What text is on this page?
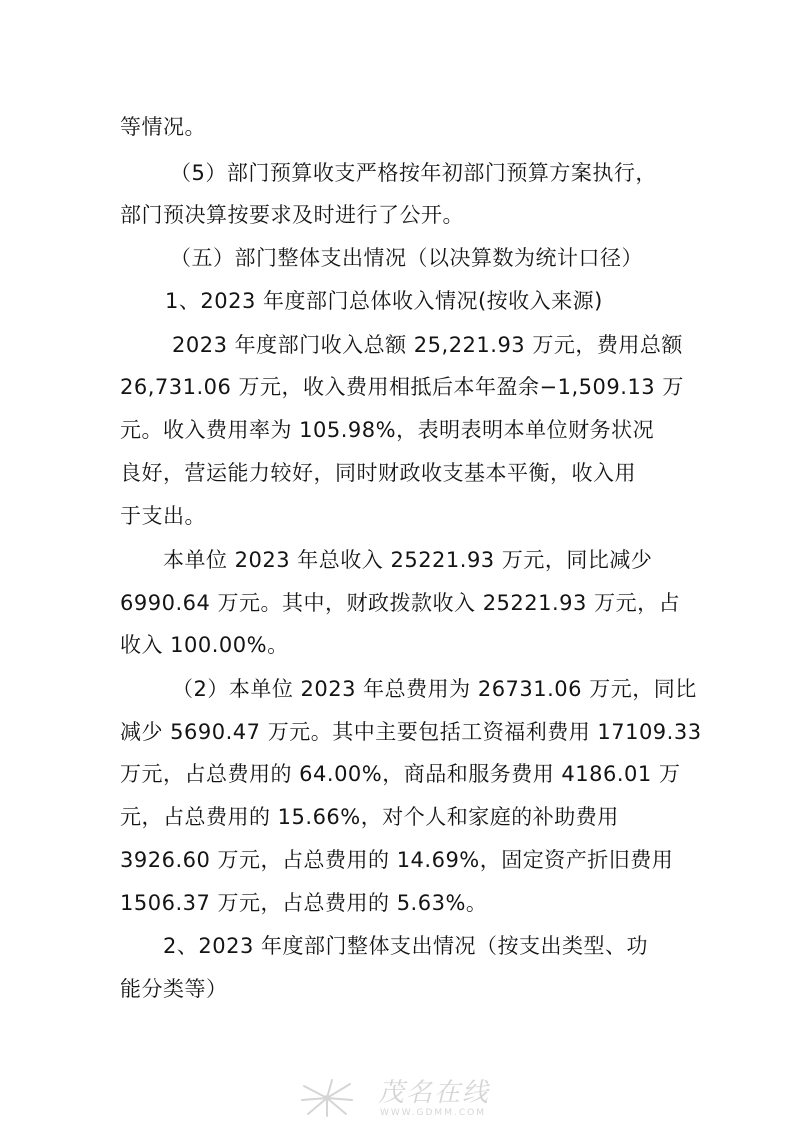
等情况。
（5）部门预算收支严格按年初部门预算方案执行，
部门预决算按要求及时进行了公开。
（五）部门整体支出情况（以决算数为统计口径）
1、2023 年度部门总体收入情况(按收入来源)
2023 年度部门收入总额 25,221.93 万元，费用总额
26,731.06 万元，收入费用相抵后本年盈余−1,509.13 万
元。收入费用率为 105.98%，表明表明本单位财务状况
良好，营运能力较好，同时财政收支基本平衡，收入用
于支出。
本单位 2023 年总收入 25221.93 万元，同比减少
6990.64 万元。其中，财政拨款收入 25221.93 万元，占
收入 100.00%。
（2）本单位 2023 年总费用为 26731.06 万元，同比
减少 5690.47 万元。其中主要包括工资福利费用 17109.33
万元，占总费用的 64.00%，商品和服务费用 4186.01 万
元，占总费用的 15.66%，对个人和家庭的补助费用
3926.60 万元，占总费用的 14.69%，固定资产折旧费用
1506.37 万元，占总费用的 5.63%。
2、2023 年度部门整体支出情况（按支出类型、功
能分类等）
茂名在线
WWW.GDMM.COM
